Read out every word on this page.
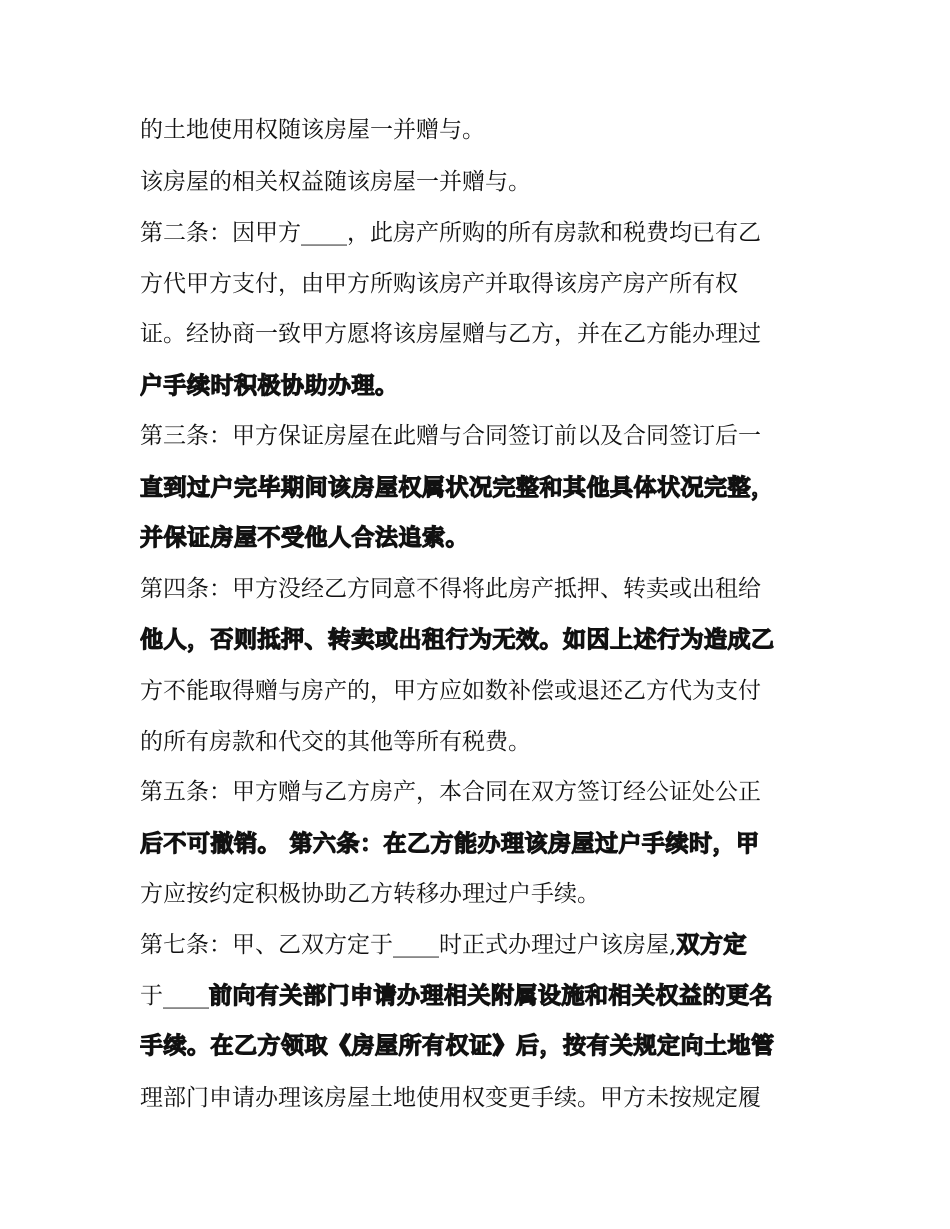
的土地使用权随该房屋一并赠与。
该房屋的相关权益随该房屋一并赠与。
第二条：因甲方____，此房产所购的所有房款和税费均已有乙
方代甲方支付，由甲方所购该房产并取得该房产房产所有权
证。经协商一致甲方愿将该房屋赠与乙方，并在乙方能办理过
户手续时积极协助办理。
第三条：甲方保证房屋在此赠与合同签订前以及合同签订后一
直到过户完毕期间该房屋权属状况完整和其他具体状况完整，
并保证房屋不受他人合法追索。
第四条：甲方没经乙方同意不得将此房产抵押、转卖或出租给
他人，否则抵押、转卖或出租行为无效。如因上述行为造成乙
方不能取得赠与房产的，甲方应如数补偿或退还乙方代为支付
的所有房款和代交的其他等所有税费。
第五条：甲方赠与乙方房产，本合同在双方签订经公证处公正
后不可撤销。 第六条：在乙方能办理该房屋过户手续时，甲
方应按约定积极协助乙方转移办理过户手续。
第七条：甲、乙双方定于____时正式办理过户该房屋,双方定
于____前向有关部门申请办理相关附属设施和相关权益的更名
手续。在乙方领取《房屋所有权证》后，按有关规定向土地管
理部门申请办理该房屋土地使用权变更手续。甲方未按规定履
